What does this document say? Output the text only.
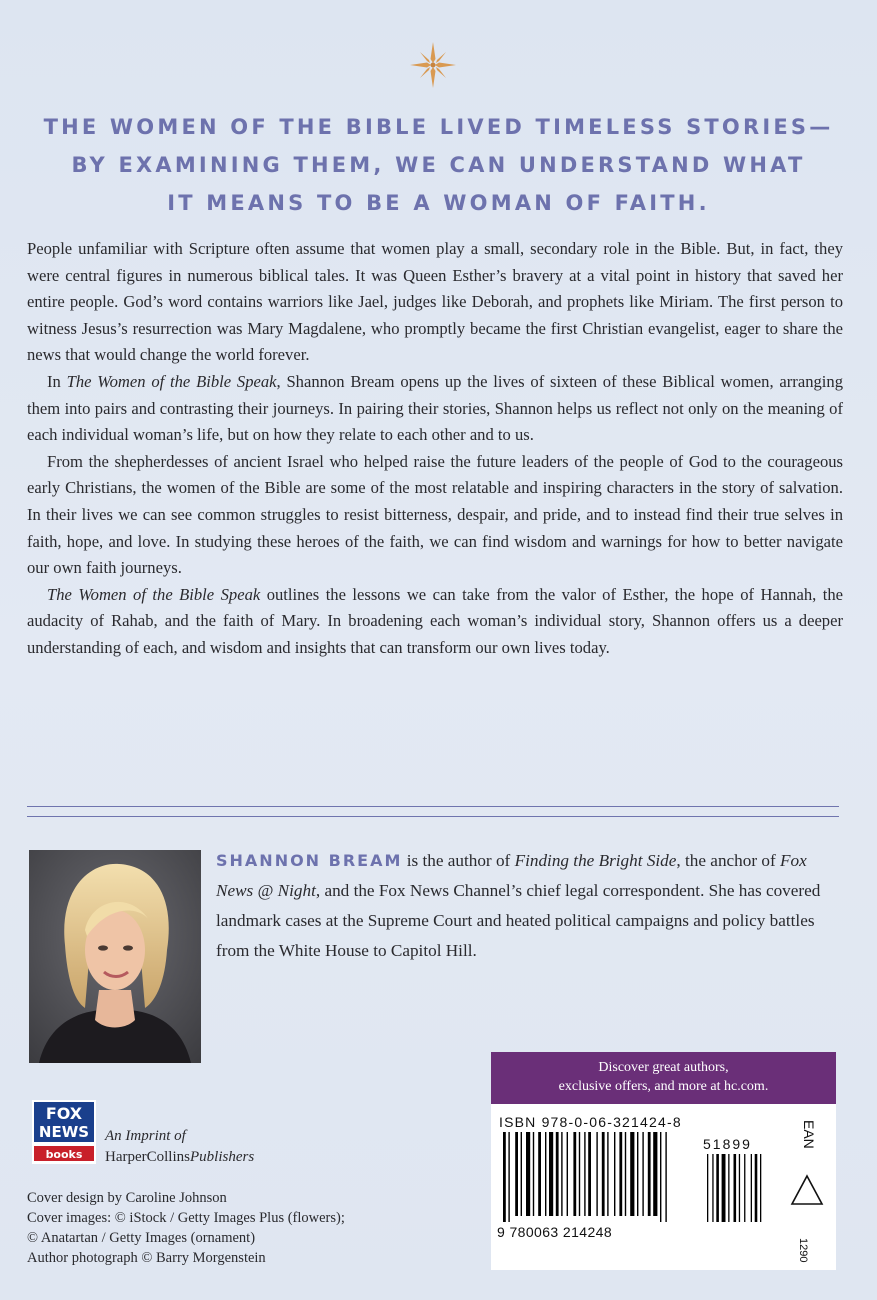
THE WOMEN OF THE BIBLE LIVED TIMELESS STORIES—
BY EXAMINING THEM, WE CAN UNDERSTAND WHAT
IT MEANS TO BE A WOMAN OF FAITH.

People unfamiliar with Scripture often assume that women play a small, secondary role in the Bible. But, in fact, they were central figures in numerous biblical tales. It was Queen Esther’s bravery at a vital point in history that saved her entire people. God’s word contains warriors like Jael, judges like Deborah, and prophets like Miriam. The first person to witness Jesus’s resurrection was Mary Magdalene, who promptly became the first Christian evangelist, eager to share the news that would change the world forever.

In The Women of the Bible Speak, Shannon Bream opens up the lives of sixteen of these Biblical women, arranging them into pairs and contrasting their journeys. In pairing their stories, Shannon helps us reflect not only on the meaning of each individual woman’s life, but on how they relate to each other and to us.

From the shepherdesses of ancient Israel who helped raise the future leaders of the people of God to the courageous early Christians, the women of the Bible are some of the most relatable and inspiring characters in the story of salvation. In their lives we can see common struggles to resist bitterness, despair, and pride, and to instead find their true selves in faith, hope, and love. In studying these heroes of the faith, we can find wisdom and warnings for how to better navigate our own faith journeys.

The Women of the Bible Speak outlines the lessons we can take from the valor of Esther, the hope of Hannah, the audacity of Rahab, and the faith of Mary. In broadening each woman’s individual story, Shannon offers us a deeper understanding of each, and wisdom and insights that can transform our own lives today.

SHANNON BREAM is the author of Finding the Bright Side, the anchor of Fox News @ Night, and the Fox News Channel’s chief legal correspondent. She has covered landmark cases at the Supreme Court and heated political campaigns and policy battles from the White House to Capitol Hill.
FOX
NEWS
books
An Imprint of
HarperCollinsPublishers
Cover design by Caroline Johnson
Cover images: © iStock / Getty Images Plus (flowers);
© Anatartan / Getty Images (ornament)
Author photograph © Barry Morgenstein
Discover great authors,
exclusive offers, and more at hc.com.
ISBN 978-0-06-321424-8
51899	EAN
9 780063 214248
1290
